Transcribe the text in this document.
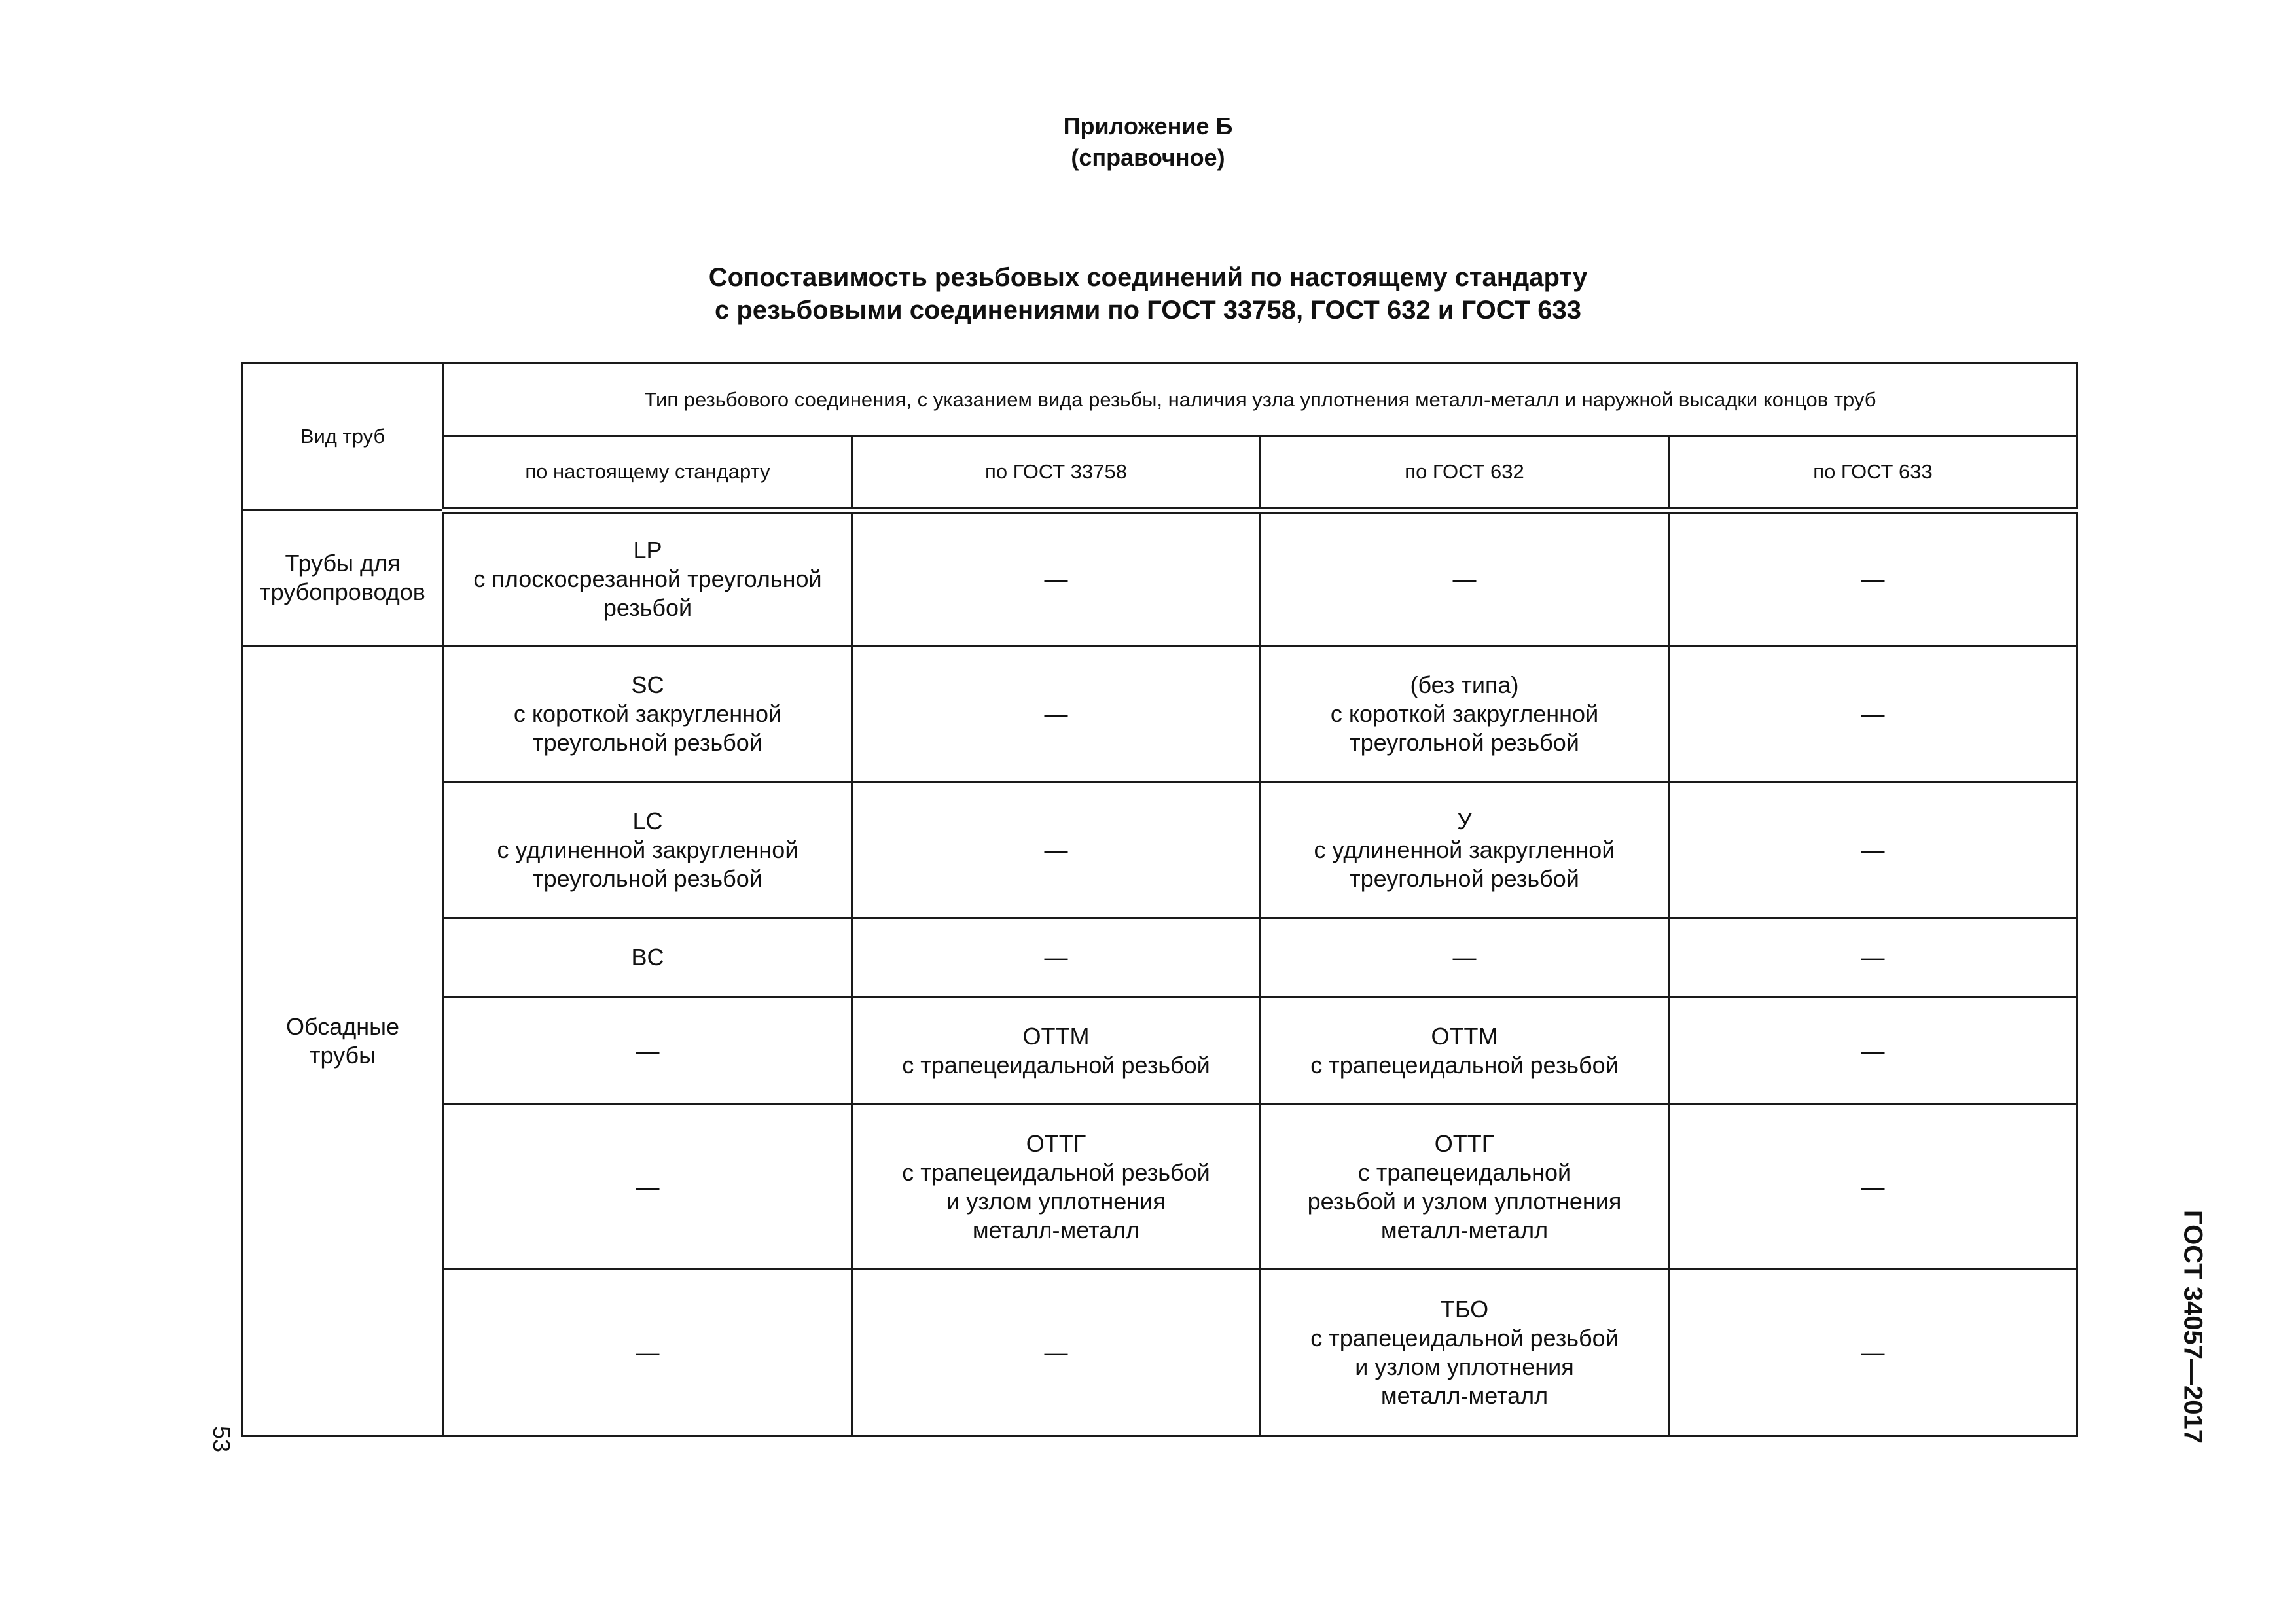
Приложение Б
(справочное)
Сопоставимость резьбовых соединений по настоящему стандарту
с резьбовыми соединениями по ГОСТ 33758, ГОСТ 632 и ГОСТ 633
Вид труб	Тип резьбового соединения, с указанием вида резьбы, наличия узла уплотнения металл-металл и наружной высадки концов труб			
	по настоящему стандарту	по ГОСТ 33758	по ГОСТ 632	по ГОСТ 633

Трубы для
трубопроводов	LP
с плоскосрезанной треугольной
резьбой	—	—	—

Обсадные
трубы	SC
с короткой закругленной
треугольной резьбой	—	(без типа)
с короткой закругленной
треугольной резьбой	—

	LC
с удлиненной закругленной
треугольной резьбой	—	У
с удлиненной закругленной
треугольной резьбой	—

	BC	—	—	—

	—	ОТТМ
с трапецеидальной резьбой	ОТТМ
с трапецеидальной резьбой	—

	—	ОТТГ
с трапецеидальной резьбой
и узлом уплотнения
металл-металл	ОТТГ
с трапецеидальной
резьбой и узлом уплотнения
металл-металл	—

	—	—	ТБО
с трапецеидальной резьбой
и узлом уплотнения
металл-металл	—
53	ГОСТ 34057—2017
